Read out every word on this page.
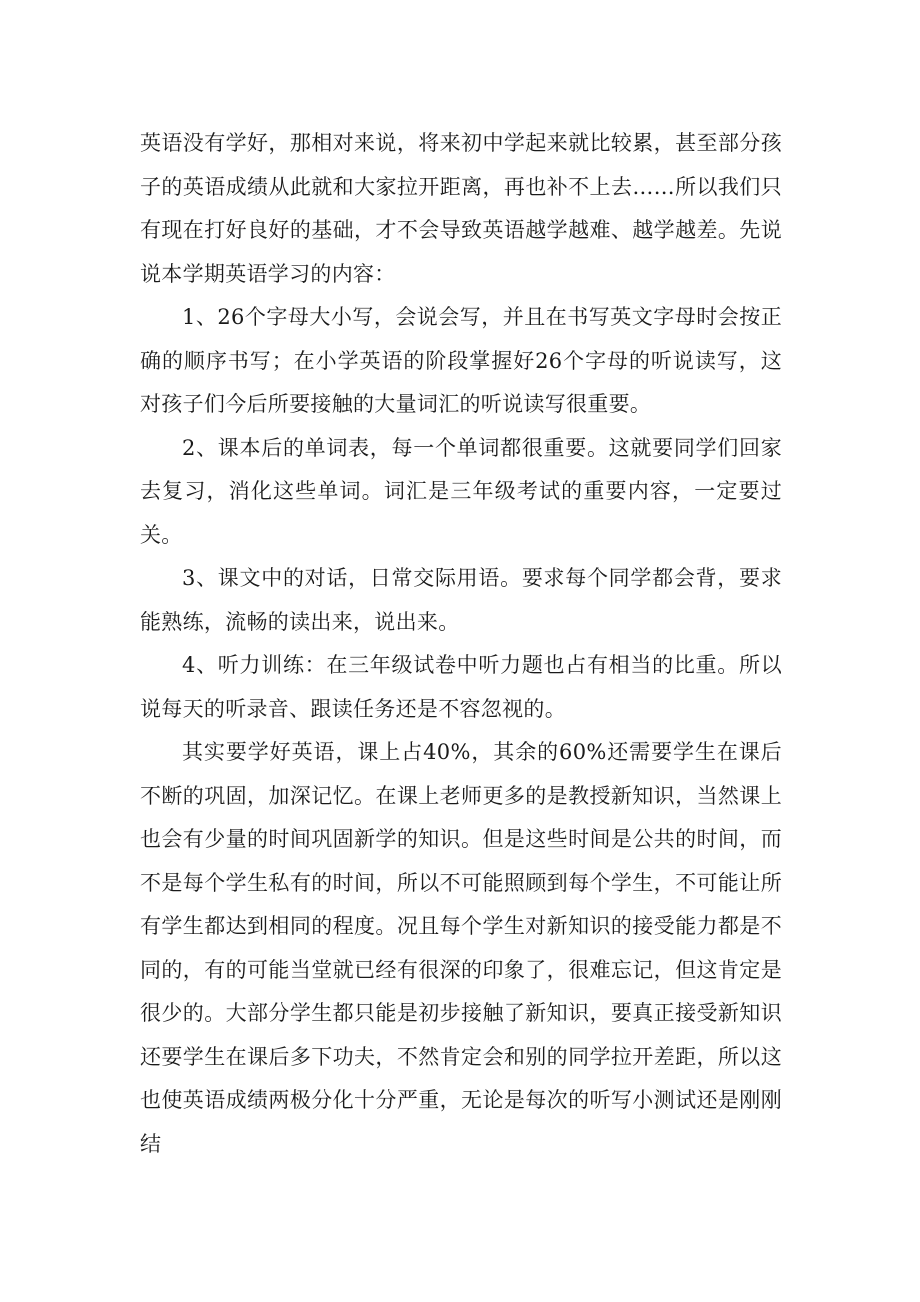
英语没有学好，那相对来说，将来初中学起来就比较累，甚至部分孩子的英语成绩从此就和大家拉开距离，再也补不上去……所以我们只有现在打好良好的基础，才不会导致英语越学越难、越学越差。先说说本学期英语学习的内容：

1、26个字母大小写，会说会写，并且在书写英文字母时会按正确的顺序书写；在小学英语的阶段掌握好26个字母的听说读写，这对孩子们今后所要接触的大量词汇的听说读写很重要。

2、课本后的单词表，每一个单词都很重要。这就要同学们回家去复习，消化这些单词。词汇是三年级考试的重要内容，一定要过关。

3、课文中的对话，日常交际用语。要求每个同学都会背，要求能熟练，流畅的读出来，说出来。

4、听力训练：在三年级试卷中听力题也占有相当的比重。所以说每天的听录音、跟读任务还是不容忽视的。

其实要学好英语，课上占40%，其余的60%还需要学生在课后不断的巩固，加深记忆。在课上老师更多的是教授新知识，当然课上也会有少量的时间巩固新学的知识。但是这些时间是公共的时间，而不是每个学生私有的时间，所以不可能照顾到每个学生，不可能让所有学生都达到相同的程度。况且每个学生对新知识的接受能力都是不同的，有的可能当堂就已经有很深的印象了，很难忘记，但这肯定是很少的。大部分学生都只能是初步接触了新知识，要真正接受新知识还要学生在课后多下功夫，不然肯定会和别的同学拉开差距，所以这也使英语成绩两极分化十分严重，无论是每次的听写小测试还是刚刚结
